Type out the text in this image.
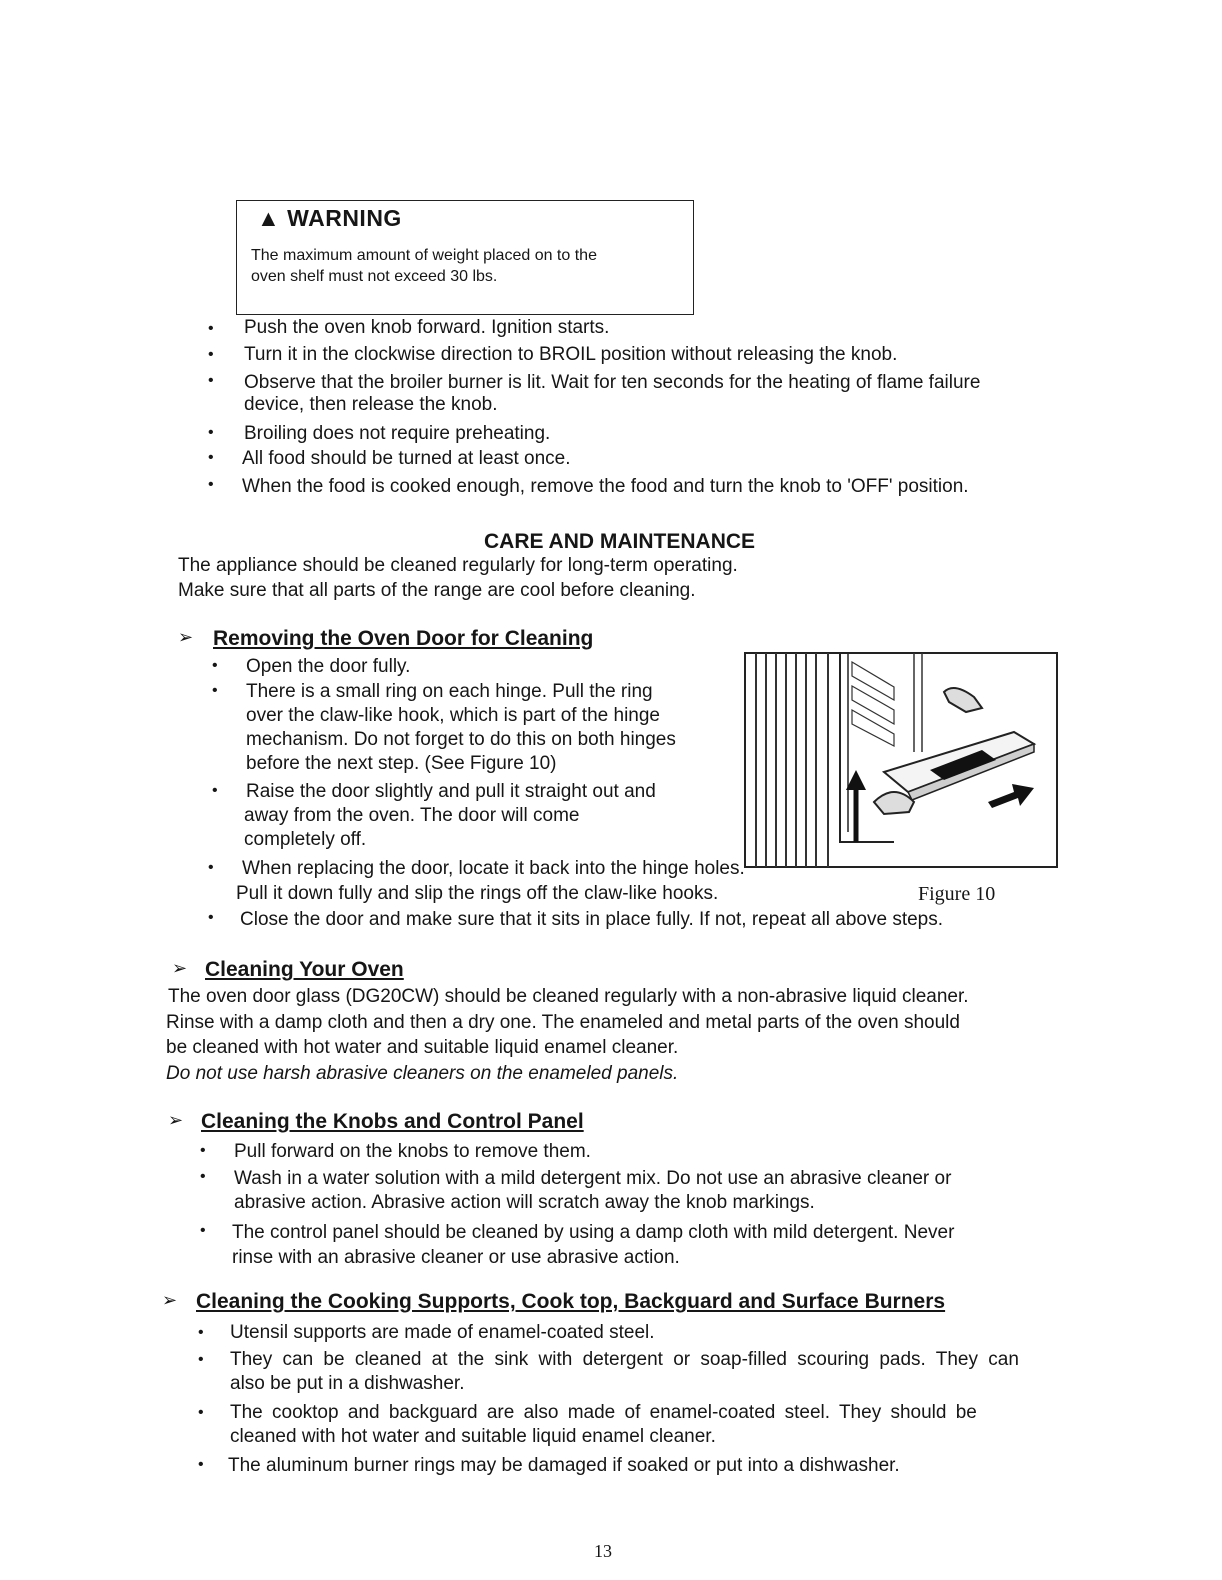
▲ WARNING
The maximum amount of weight placed on to the
oven shelf must not exceed 30 lbs.
• Push the oven knob forward. Ignition starts.
• Turn it in the clockwise direction to BROIL position without releasing the knob.
• Observe that the broiler burner is lit. Wait for ten seconds for the heating of flame failure
device, then release the knob.
• Broiling does not require preheating.
• All food should be turned at least once.
• When the food is cooked enough, remove the food and turn the knob to 'OFF' position.
CARE AND MAINTENANCE
The appliance should be cleaned regularly for long-term operating.
Make sure that all parts of the range are cool before cleaning.
➢ Removing the Oven Door for Cleaning
• Open the door fully.
• There is a small ring on each hinge. Pull the ring
over the claw-like hook, which is part of the hinge
mechanism. Do not forget to do this on both hinges
before the next step. (See Figure 10)
• Raise the door slightly and pull it straight out and
away from the oven. The door will come
completely off.
• When replacing the door, locate it back into the hinge holes.
Pull it down fully and slip the rings off the claw-like hooks.
• Close the door and make sure that it sits in place fully. If not, repeat all above steps.
Figure 10
➢ Cleaning Your Oven
The oven door glass (DG20CW) should be cleaned regularly with a non-abrasive liquid cleaner.
Rinse with a damp cloth and then a dry one. The enameled and metal parts of the oven should
be cleaned with hot water and suitable liquid enamel cleaner.
Do not use harsh abrasive cleaners on the enameled panels.
➢ Cleaning the Knobs and Control Panel
• Pull forward on the knobs to remove them.
• Wash in a water solution with a mild detergent mix. Do not use an abrasive cleaner or
abrasive action. Abrasive action will scratch away the knob markings.
• The control panel should be cleaned by using a damp cloth with mild detergent. Never
rinse with an abrasive cleaner or use abrasive action.
➢ Cleaning the Cooking Supports, Cook top, Backguard and Surface Burners
• Utensil supports are made of enamel-coated steel.
• They can be cleaned at the sink with detergent or soap-filled scouring pads. They can
also be put in a dishwasher.
• The cooktop and backguard are also made of enamel-coated steel. They should be
cleaned with hot water and suitable liquid enamel cleaner.
• The aluminum burner rings may be damaged if soaked or put into a dishwasher.
13
